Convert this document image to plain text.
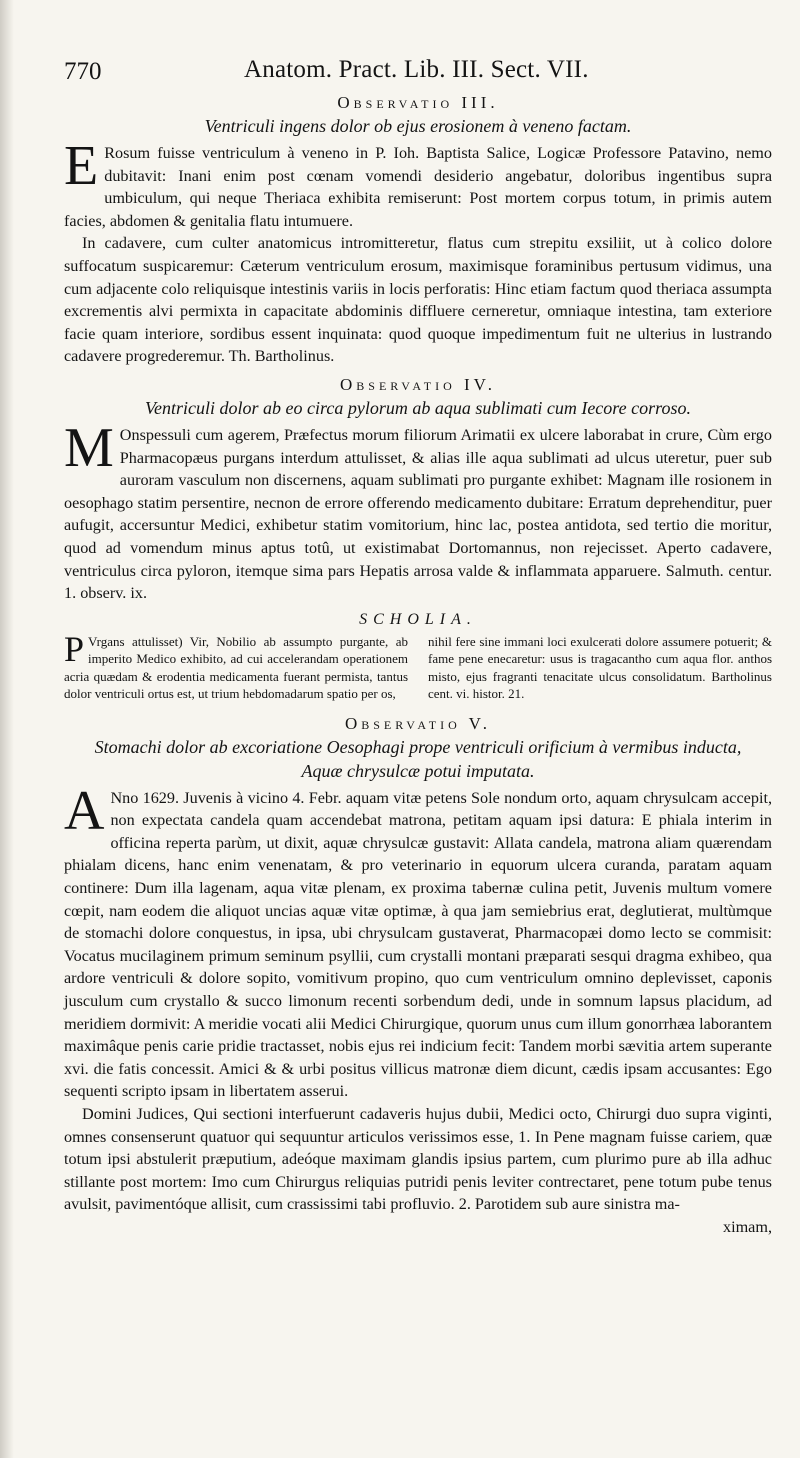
770	Anatom. Pract. Lib. III. Sect. VII.

Observatio III.

Ventriculi ingens dolor ob ejus erosionem à veneno factam.

E Rosum fuisse ventriculum à veneno in P. Ioh. Baptista Salice, Logicæ Professore Patavino, nemo dubitavit: Inani enim post cœnam vomendi desiderio angebatur, doloribus ingentibus supra umbiculum, qui neque Theriaca exhibita remiserunt: Post mortem corpus totum, in primis autem facies, abdomen & genitalia flatu intumuere.

In cadavere, cum culter anatomicus intromitteretur, flatus cum strepitu exsiliit, ut à colico dolore suffocatum suspicaremur: Cæterum ventriculum erosum, maximisque foraminibus pertusum vidimus, una cum adjacente colo reliquisque intestinis variis in locis perforatis: Hinc etiam factum quod theriaca assumpta excrementis alvi permixta in capacitate abdominis diffluere cerneretur, omniaque intestina, tam exteriore facie quam interiore, sordibus essent inquinata: quod quoque impedimentum fuit ne ulterius in lustrando cadavere progrederemur. Th. Bartholinus.

Observatio IV.

Ventriculi dolor ab eo circa pylorum ab aqua sublimati cum Iecore corroso.

M Onspessuli cum agerem, Præfectus morum filiorum Arimatii ex ulcere laborabat in crure, Cùm ergo Pharmacopæus purgans interdum attulisset, & alias ille aqua sublimati ad ulcus uteretur, puer sub auroram vasculum non discernens, aquam sublimati pro purgante exhibet: Magnam ille rosionem in oesophago statim persentire, necnon de errore offerendo medicamento dubitare: Erratum deprehenditur, puer aufugit, accersuntur Medici, exhibetur statim vomitorium, hinc lac, postea antidota, sed tertio die moritur, quod ad vomendum minus aptus totû, ut existimabat Dortomannus, non rejecisset. Aperto cadavere, ventriculus circa pyloron, itemque sima pars Hepatis arrosa valde & inflammata apparuere. Salmuth. centur. 1. observ. ix.

SCHOLIA.

P Vrgans attulisset) Vir, Nobilio ab assumpto purgante, ab imperito Medico exhibito, ad cui accelerandam operationem acria quædam & erodentia medicamenta fuerant permista, tantus dolor ventriculi ortus est, ut trium hebdomadarum spatio per os,
nihil fere sine immani loci exulcerati dolore assumere potuerit; & fame pene enecaretur: usus is tragacantho cum aqua flor. anthos misto, ejus fragranti tenacitate ulcus consolidatum. Bartholinus cent. vi. histor. 21.

Observatio V.

Stomachi dolor ab excoriatione Oesophagi prope ventriculi orificium à vermibus inducta,

Aquæ chrysulcæ potui imputata.

A Nno 1629. Juvenis à vicino 4. Febr. aquam vitæ petens Sole nondum orto, aquam chrysulcam accepit, non expectata candela quam accendebat matrona, petitam aquam ipsi datura: E phiala interim in officina reperta parùm, ut dixit, aquæ chrysulcæ gustavit: Allata candela, matrona aliam quærendam phialam dicens, hanc enim venenatam, & pro veterinario in equorum ulcera curanda, paratam aquam continere: Dum illa lagenam, aqua vitæ plenam, ex proxima tabernæ culina petit, Juvenis multum vomere cœpit, nam eodem die aliquot uncias aquæ vitæ optimæ, à qua jam semiebrius erat, deglutierat, multùmque de stomachi dolore conquestus, in ipsa, ubi chrysulcam gustaverat, Pharmacopæi domo lecto se commisit: Vocatus mucilaginem primum seminum psyllii, cum crystalli montani præparati sesqui dragma exhibeo, qua ardore ventriculi & dolore sopito, vomitivum propino, quo cum ventriculum omnino deplevisset, caponis jusculum cum crystallo & succo limonum recenti sorbendum dedi, unde in somnum lapsus placidum, ad meridiem dormivit: A meridie vocati alii Medici Chirurgique, quorum unus cum illum gonorrhæa laborantem maximâque penis carie pridie tractasset, nobis ejus rei indicium fecit: Tandem morbi sævitia artem superante xvi. die fatis concessit. Amici & & urbi positus villicus matronæ diem dicunt, cædis ipsam accusantes: Ego sequenti scripto ipsam in libertatem asserui.

Domini Judices, Qui sectioni interfuerunt cadaveris hujus dubii, Medici octo, Chirurgi duo supra viginti, omnes consenserunt quatuor qui sequuntur articulos verissimos esse, 1. In Pene magnam fuisse cariem, quæ totum ipsi abstulerit præputium, adeóque maximam glandis ipsius partem, cum plurimo pure ab illa adhuc stillante post mortem: Imo cum Chirurgus reliquias putridi penis leviter contrectaret, pene totum pube tenus avulsit, pavimentóque allisit, cum crassissimi tabi profluvio. 2. Parotidem sub aure sinistra ma-

ximam,
